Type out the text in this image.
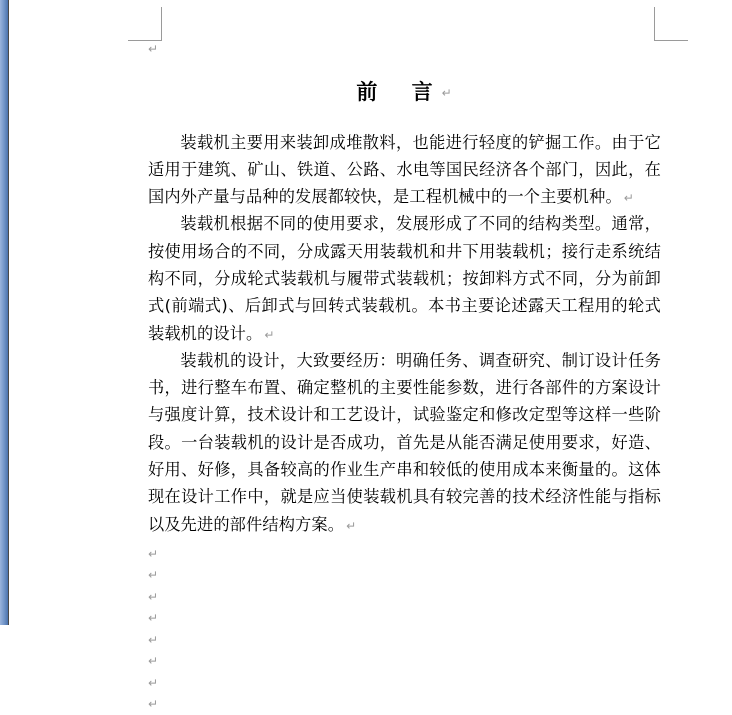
↵
前    言 ↵

装载机主要用来装卸成堆散料，也能进行轻度的铲掘工作。由于它适用于建筑、矿山、铁道、公路、水电等国民经济各个部门，因此，在国内外产量与品种的发展都较快，是工程机械中的一个主要机种。 ↵

装载机根据不同的使用要求，发展形成了不同的结构类型。通常，按使用场合的不同，分成露天用装载机和井下用装载机；接行走系统结构不同，分成轮式装载机与履带式装载机；按卸料方式不同，分为前卸式(前端式)、后卸式与回转式装载机。本书主要论述露天工程用的轮式装载机的设计。 ↵

装载机的设计，大致要经历：明确任务、调查研究、制订设计任务书，进行整车布置、确定整机的主要性能参数，进行各部件的方案设计与强度计算，技术设计和工艺设计，试验鉴定和修改定型等这样一些阶段。一台装载机的设计是否成功，首先是从能否满足使用要求，好造、好用、好修，具备较高的作业生产串和较低的使用成本来衡量的。这体现在设计工作中，就是应当使装载机具有较完善的技术经济性能与指标以及先进的部件结构方案。 ↵

↵
↵
↵
↵
↵
↵
↵
↵
